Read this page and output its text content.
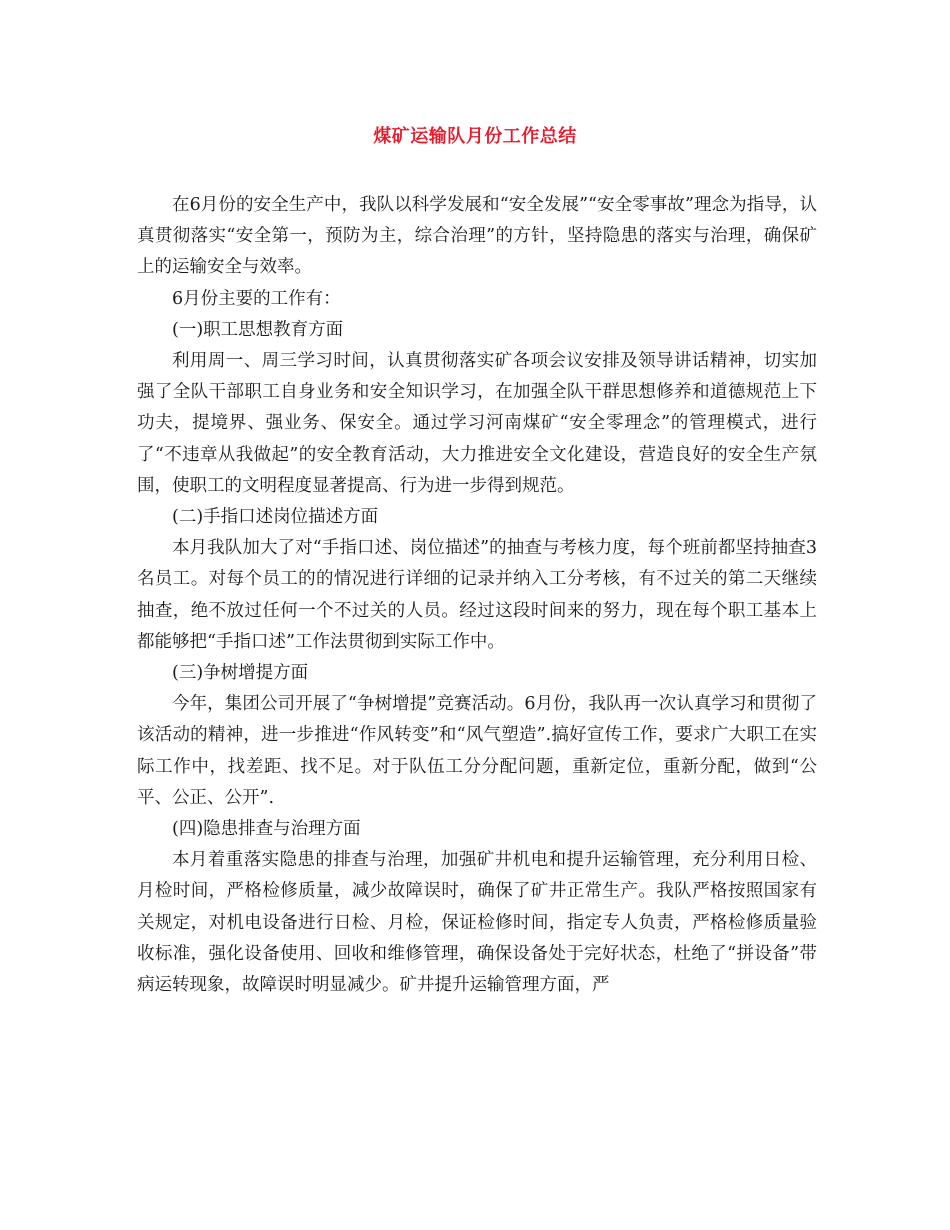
煤矿运输队月份工作总结

在6月份的安全生产中，我队以科学发展和“安全发展”“安全零事故”理念为指导，认真贯彻落实“安全第一，预防为主，综合治理”的方针，坚持隐患的落实与治理，确保矿上的运输安全与效率。

6月份主要的工作有：

(一)职工思想教育方面

利用周一、周三学习时间，认真贯彻落实矿各项会议安排及领导讲话精神，切实加强了全队干部职工自身业务和安全知识学习，在加强全队干群思想修养和道德规范上下功夫，提境界、强业务、保安全。通过学习河南煤矿“安全零理念”的管理模式，进行了“不违章从我做起”的安全教育活动，大力推进安全文化建设，营造良好的安全生产氛围，使职工的文明程度显著提高、行为进一步得到规范。

(二)手指口述岗位描述方面

本月我队加大了对“手指口述、岗位描述”的抽查与考核力度，每个班前都坚持抽查3名员工。对每个员工的的情况进行详细的记录并纳入工分考核，有不过关的第二天继续抽查，绝不放过任何一个不过关的人员。经过这段时间来的努力，现在每个职工基本上都能够把“手指口述”工作法贯彻到实际工作中。

(三)争树增提方面

今年，集团公司开展了“争树增提”竞赛活动。6月份，我队再一次认真学习和贯彻了该活动的精神，进一步推进“作风转变”和“风气塑造”.搞好宣传工作，要求广大职工在实际工作中，找差距、找不足。对于队伍工分分配问题，重新定位，重新分配，做到“公平、公正、公开”.

(四)隐患排查与治理方面

本月着重落实隐患的排查与治理，加强矿井机电和提升运输管理，充分利用日检、月检时间，严格检修质量，减少故障误时，确保了矿井正常生产。我队严格按照国家有关规定，对机电设备进行日检、月检，保证检修时间，指定专人负责，严格检修质量验收标准，强化设备使用、回收和维修管理，确保设备处于完好状态，杜绝了“拼设备”带病运转现象，故障误时明显减少。矿井提升运输管理方面，严
